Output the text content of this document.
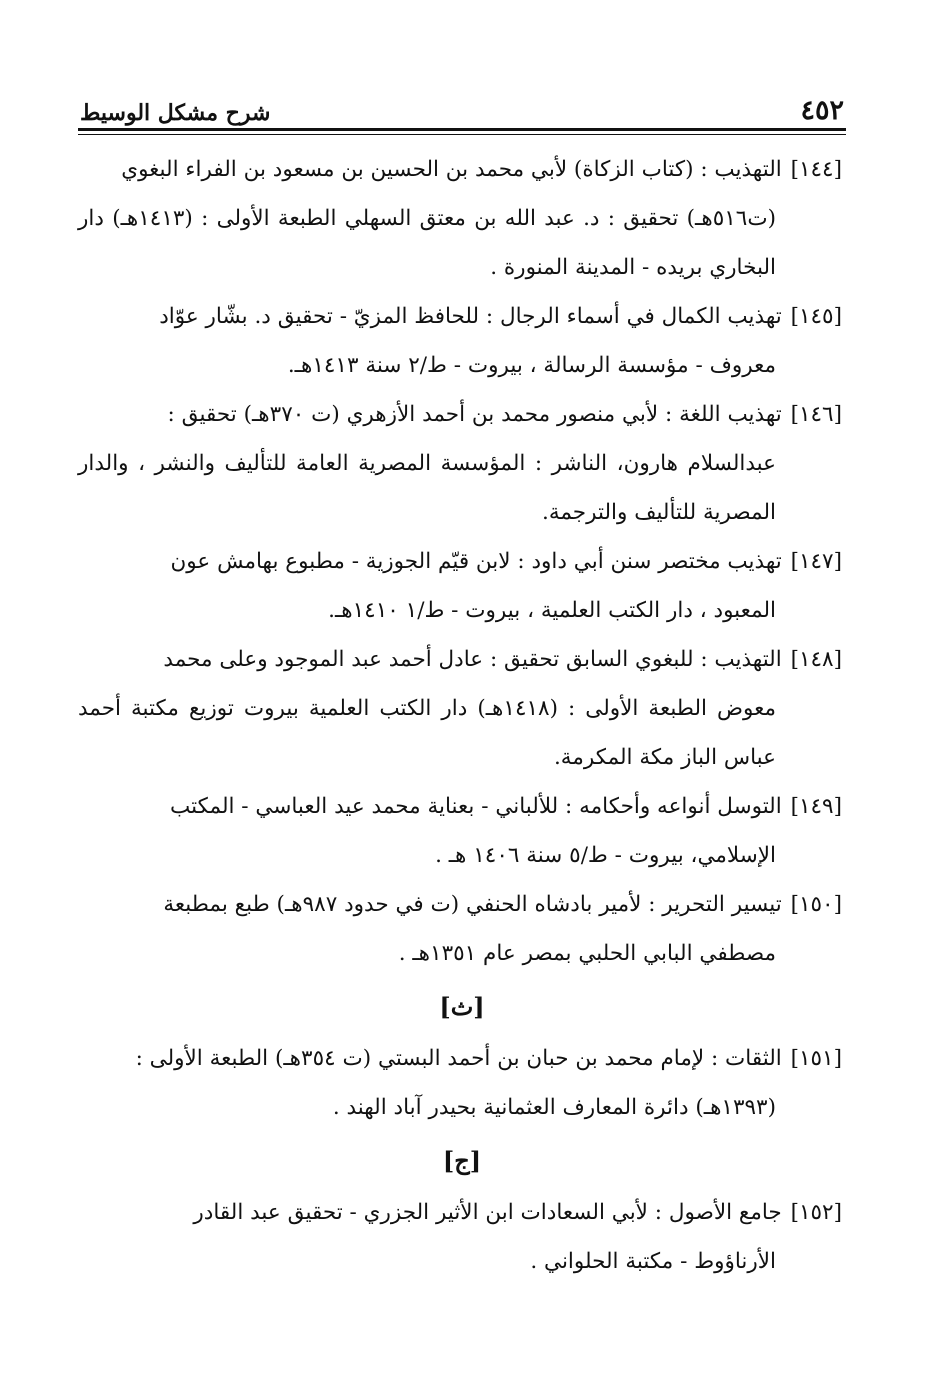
٤٥٢
شرح مشكل الوسيط
[١٤٤] التهذيب : (كتاب الزكاة) لأبي محمد بن الحسين بن مسعود بن الفراء البغوي
(ت٥١٦هـ) تحقيق : د. عبد الله بن معتق السهلي الطبعة الأولى : (١٤١٣هـ) دار البخاري بريده - المدينة المنورة .
[١٤٥] تهذيب الكمال في أسماء الرجال : للحافظ المزيّ - تحقيق د. بشّار عوّاد
معروف - مؤسسة الرسالة ، بيروت - ط/٢ سنة ١٤١٣هـ.
[١٤٦] تهذيب اللغة : لأبي منصور محمد بن أحمد الأزهري (ت ٣٧٠هـ) تحقيق :
عبدالسلام هارون، الناشر : المؤسسة المصرية العامة للتأليف والنشر ، والدار المصرية للتأليف والترجمة.
[١٤٧] تهذيب مختصر سنن أبي داود : لابن قيّم الجوزية - مطبوع بهامش عون
المعبود ، دار الكتب العلمية ، بيروت - ط/١ ١٤١٠هـ.
[١٤٨] التهذيب : للبغوي السابق تحقيق : عادل أحمد عبد الموجود وعلى محمد
معوض الطبعة الأولى : (١٤١٨هـ) دار الكتب العلمية بيروت توزيع مكتبة أحمد عباس الباز مكة المكرمة.
[١٤٩] التوسل أنواعه وأحكامه : للألباني - بعناية محمد عيد العباسي - المكتب
الإسلامي، بيروت - ط/٥ سنة ١٤٠٦ هـ .
[١٥٠] تيسير التحرير : لأمير بادشاه الحنفي (ت في حدود ٩٨٧هـ) طبع بمطبعة
مصطفي البابي الحلبي بمصر عام ١٣٥١هـ .
[ث]
[١٥١] الثقات : لإمام محمد بن حبان بن أحمد البستي (ت ٣٥٤هـ) الطبعة الأولى :
(١٣٩٣هـ) دائرة المعارف العثمانية بحيدر آباد الهند .
[ج]
[١٥٢] جامع الأصول : لأبي السعادات ابن الأثير الجزري - تحقيق عبد القادر
الأرناؤوط - مكتبة الحلواني .
